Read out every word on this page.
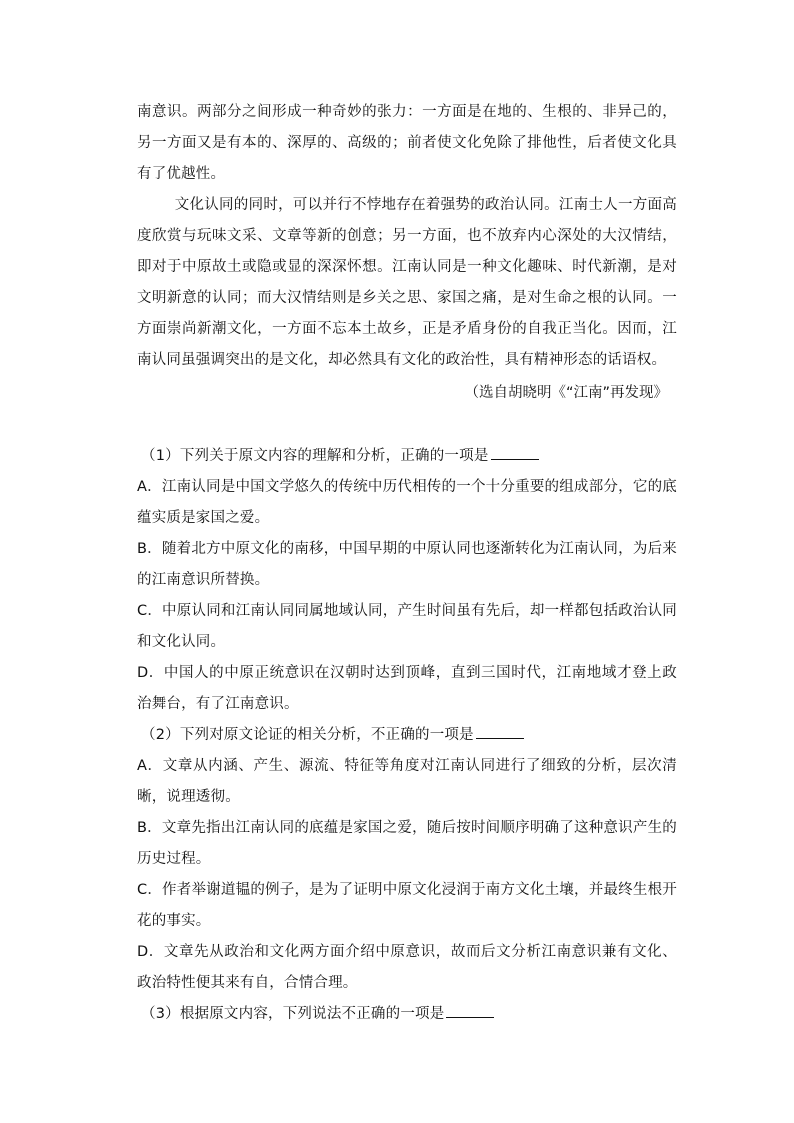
南意识。两部分之间形成一种奇妙的张力：一方面是在地的、生根的、非异己的，另一方面又是有本的、深厚的、高级的；前者使文化免除了排他性，后者使文化具有了优越性。

文化认同的同时，可以并行不悖地存在着强势的政治认同。江南士人一方面高度欣赏与玩味文采、文章等新的创意；另一方面，也不放弃内心深处的大汉情结，即对于中原故土或隐或显的深深怀想。江南认同是一种文化趣味、时代新潮，是对文明新意的认同；而大汉情结则是乡关之思、家国之痛，是对生命之根的认同。一方面崇尚新潮文化，一方面不忘本土故乡，正是矛盾身份的自我正当化。因而，江南认同虽强调突出的是文化，却必然具有文化的政治性，具有精神形态的话语权。

（选自胡晓明《“江南”再发现》

（1）下列关于原文内容的理解和分析，正确的一项是

A．江南认同是中国文学悠久的传统中历代相传的一个十分重要的组成部分，它的底蕴实质是家国之爱。

B．随着北方中原文化的南移，中国早期的中原认同也逐渐转化为江南认同，为后来的江南意识所替换。

C．中原认同和江南认同同属地域认同，产生时间虽有先后，却一样都包括政治认同和文化认同。

D．中国人的中原正统意识在汉朝时达到顶峰，直到三国时代，江南地域才登上政治舞台，有了江南意识。

（2）下列对原文论证的相关分析，不正确的一项是

A．文章从内涵、产生、源流、特征等角度对江南认同进行了细致的分析，层次清晰，说理透彻。

B．文章先指出江南认同的底蕴是家国之爱，随后按时间顺序明确了这种意识产生的历史过程。

C．作者举谢道韫的例子，是为了证明中原文化浸润于南方文化土壤，并最终生根开花的事实。

D．文章先从政治和文化两方面介绍中原意识，故而后文分析江南意识兼有文化、政治特性便其来有自，合情合理。

（3）根据原文内容，下列说法不正确的一项是
